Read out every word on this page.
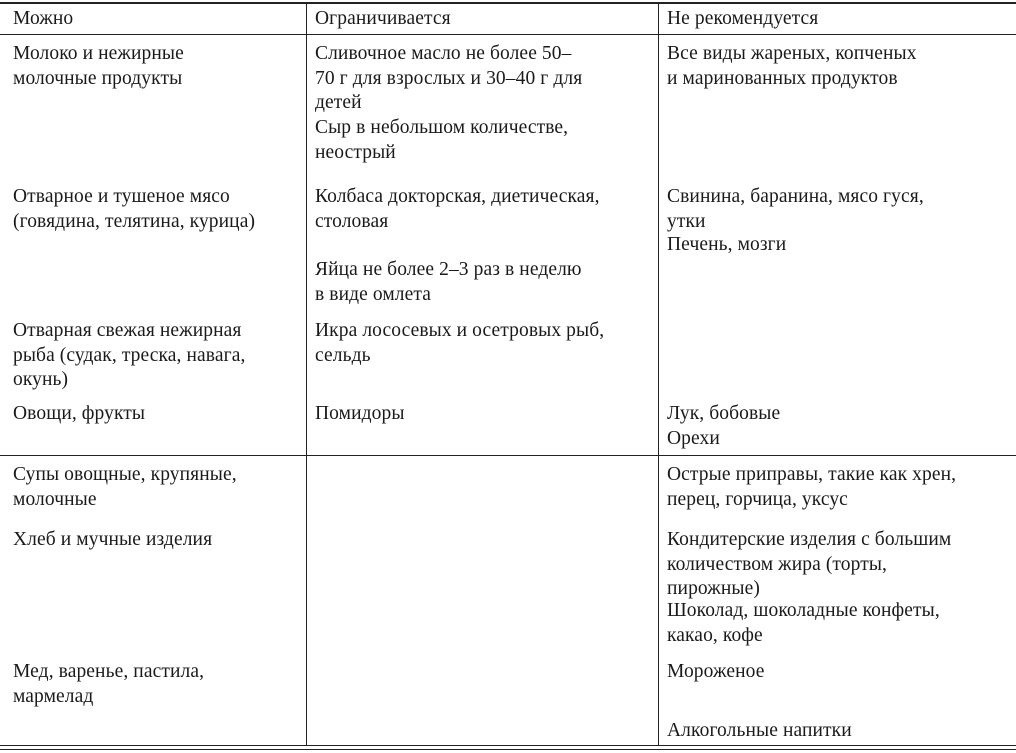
Можно	Ограничивается	Не рекомендуется
Молоко и нежирные
молочные продукты
Отварное и тушеное мясо
(говядина, телятина, курица)
Отварная свежая нежирная
рыба (судак, треска, навага,
окунь)
Овощи, фрукты
Супы овощные, крупяные,
молочные
Хлеб и мучные изделия
Мед, варенье, пастила,
мармелад
Сливочное масло не более 50–
70 г для взрослых и 30–40 г для
детей
Сыр в небольшом количестве,
неострый
Колбаса докторская, диетическая,
столовая
Яйца не более 2–3 раз в неделю
в виде омлета
Икра лососевых и осетровых рыб,
сельдь
Помидоры
Все виды жареных, копченых
и маринованных продуктов
Свинина, баранина, мясо гуся,
утки
Печень, мозги
Лук, бобовые
Орехи
Острые приправы, такие как хрен,
перец, горчица, уксус
Кондитерские изделия с большим
количеством жира (торты,
пирожные)
Шоколад, шоколадные конфеты,
какао, кофе
Мороженое
Алкогольные напитки
